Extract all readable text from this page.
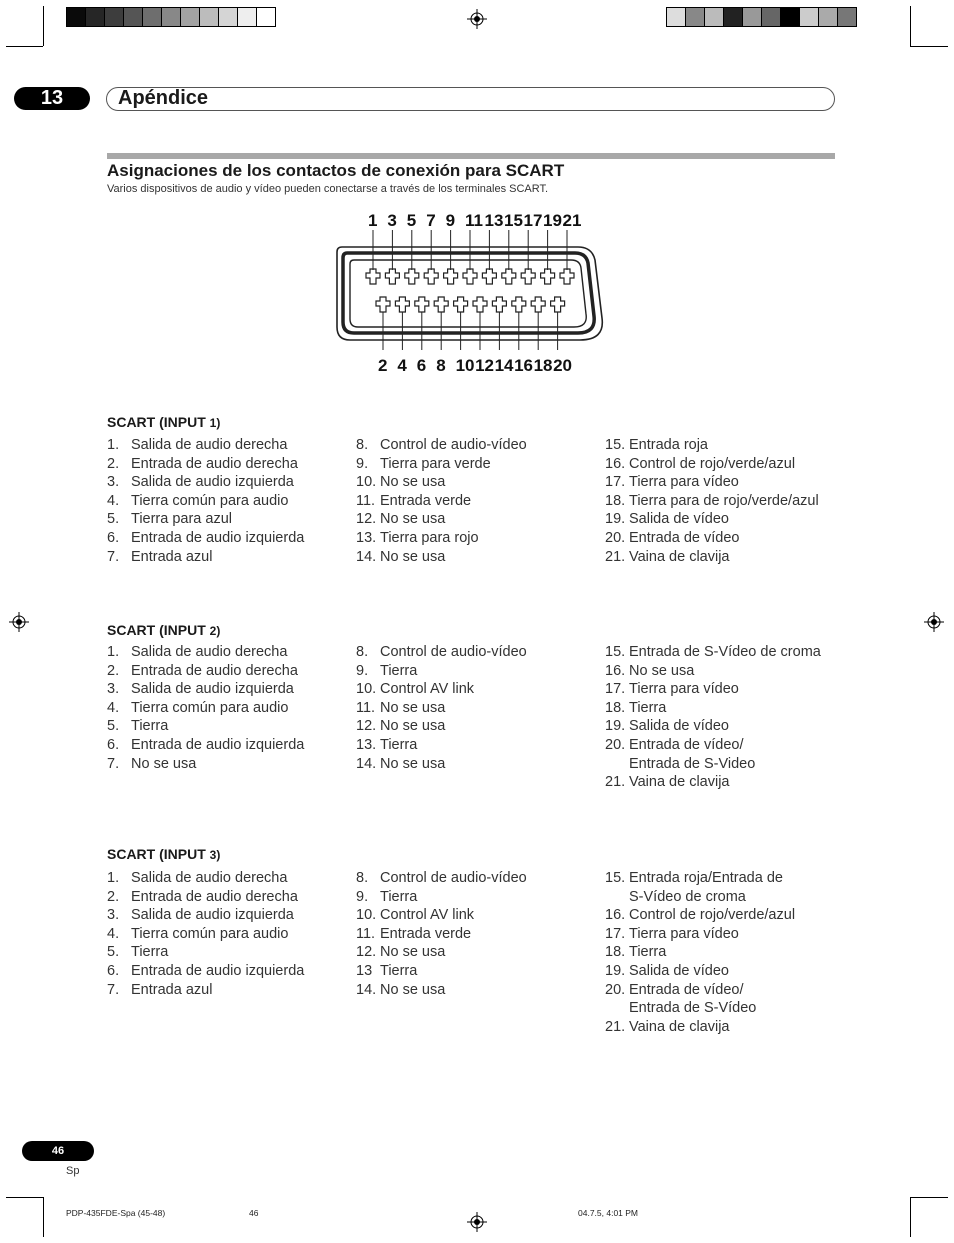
13	Apéndice
Asignaciones de los contactos de conexión para SCART
Varios dispositivos de audio y vídeo pueden conectarse a través de los terminales SCART.
1 3 5 7 9 11 13 15 17 19 21
2 4 6 8 10 12 14 16 18 20
SCART (INPUT 1)
1. Salida de audio derecha
2. Entrada de audio derecha
3. Salida de audio izquierda
4. Tierra común para audio
5. Tierra para azul
6. Entrada de audio izquierda
7. Entrada azul
8. Control de audio-vídeo
9. Tierra para verde
10. No se usa
11. Entrada verde
12. No se usa
13. Tierra para rojo
14. No se usa
15. Entrada roja
16. Control de rojo/verde/azul
17. Tierra para vídeo
18. Tierra para de rojo/verde/azul
19. Salida de vídeo
20. Entrada de vídeo
21. Vaina de clavija
SCART (INPUT 2)
1. Salida de audio derecha
2. Entrada de audio derecha
3. Salida de audio izquierda
4. Tierra común para audio
5. Tierra
6. Entrada de audio izquierda
7. No se usa
8. Control de audio-vídeo
9. Tierra
10. Control AV link
11. No se usa
12. No se usa
13. Tierra
14. No se usa
15. Entrada de S-Vídeo de croma
16. No se usa
17. Tierra para vídeo
18. Tierra
19. Salida de vídeo
20. Entrada de vídeo/
Entrada de S-Video
21. Vaina de clavija
SCART (INPUT 3)
1. Salida de audio derecha
2. Entrada de audio derecha
3. Salida de audio izquierda
4. Tierra común para audio
5. Tierra
6. Entrada de audio izquierda
7. Entrada azul
8. Control de audio-vídeo
9. Tierra
10. Control AV link
11. Entrada verde
12. No se usa
13 Tierra
14. No se usa
15. Entrada roja/Entrada de
S-Vídeo de croma
16. Control de rojo/verde/azul
17. Tierra para vídeo
18. Tierra
19. Salida de vídeo
20. Entrada de vídeo/
Entrada de S-Vídeo
21. Vaina de clavija
46
Sp
PDP-435FDE-Spa (45-48)	46	04.7.5, 4:01 PM
